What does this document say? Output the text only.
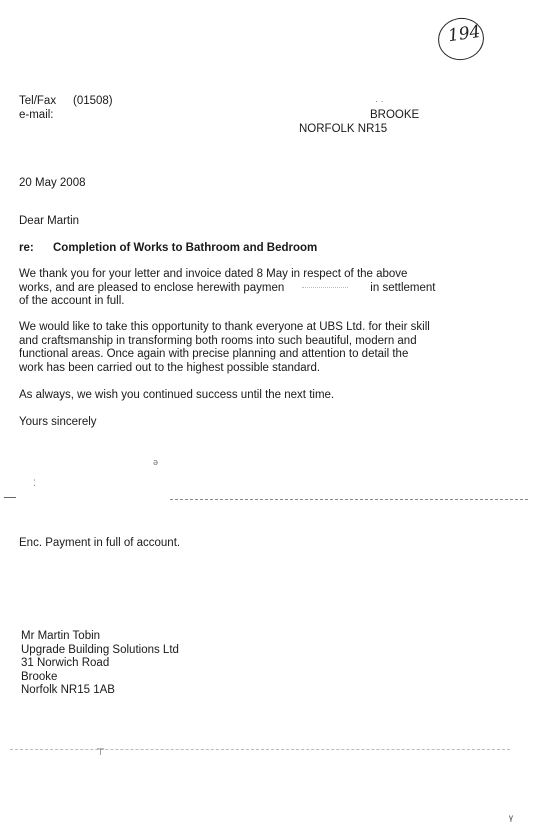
194
Tel/Fax (01508)
e-mail:
· ·
BROOKE
NORFOLK NR15
20 May 2008
Dear Martin
re: Completion of Works to Bathroom and Bedroom
We thank you for your letter and invoice dated 8 May in respect of the above
works, and are pleased to enclose herewith paymen	in settlement
of the account in full.
We would like to take this opportunity to thank everyone at UBS Ltd. for their skill
and craftsmanship in transforming both rooms into such beautiful, modern and
functional areas. Once again with precise planning and attention to detail the
work has been carried out to the highest possible standard.
As always, we wish you continued success until the next time.
Yours sincerely
ǝ
⁚
Enc. Payment in full of account.
Mr Martin Tobin
Upgrade Building Solutions Ltd
31 Norwich Road
Brooke
Norfolk NR15 1AB
┬
ᵞ
